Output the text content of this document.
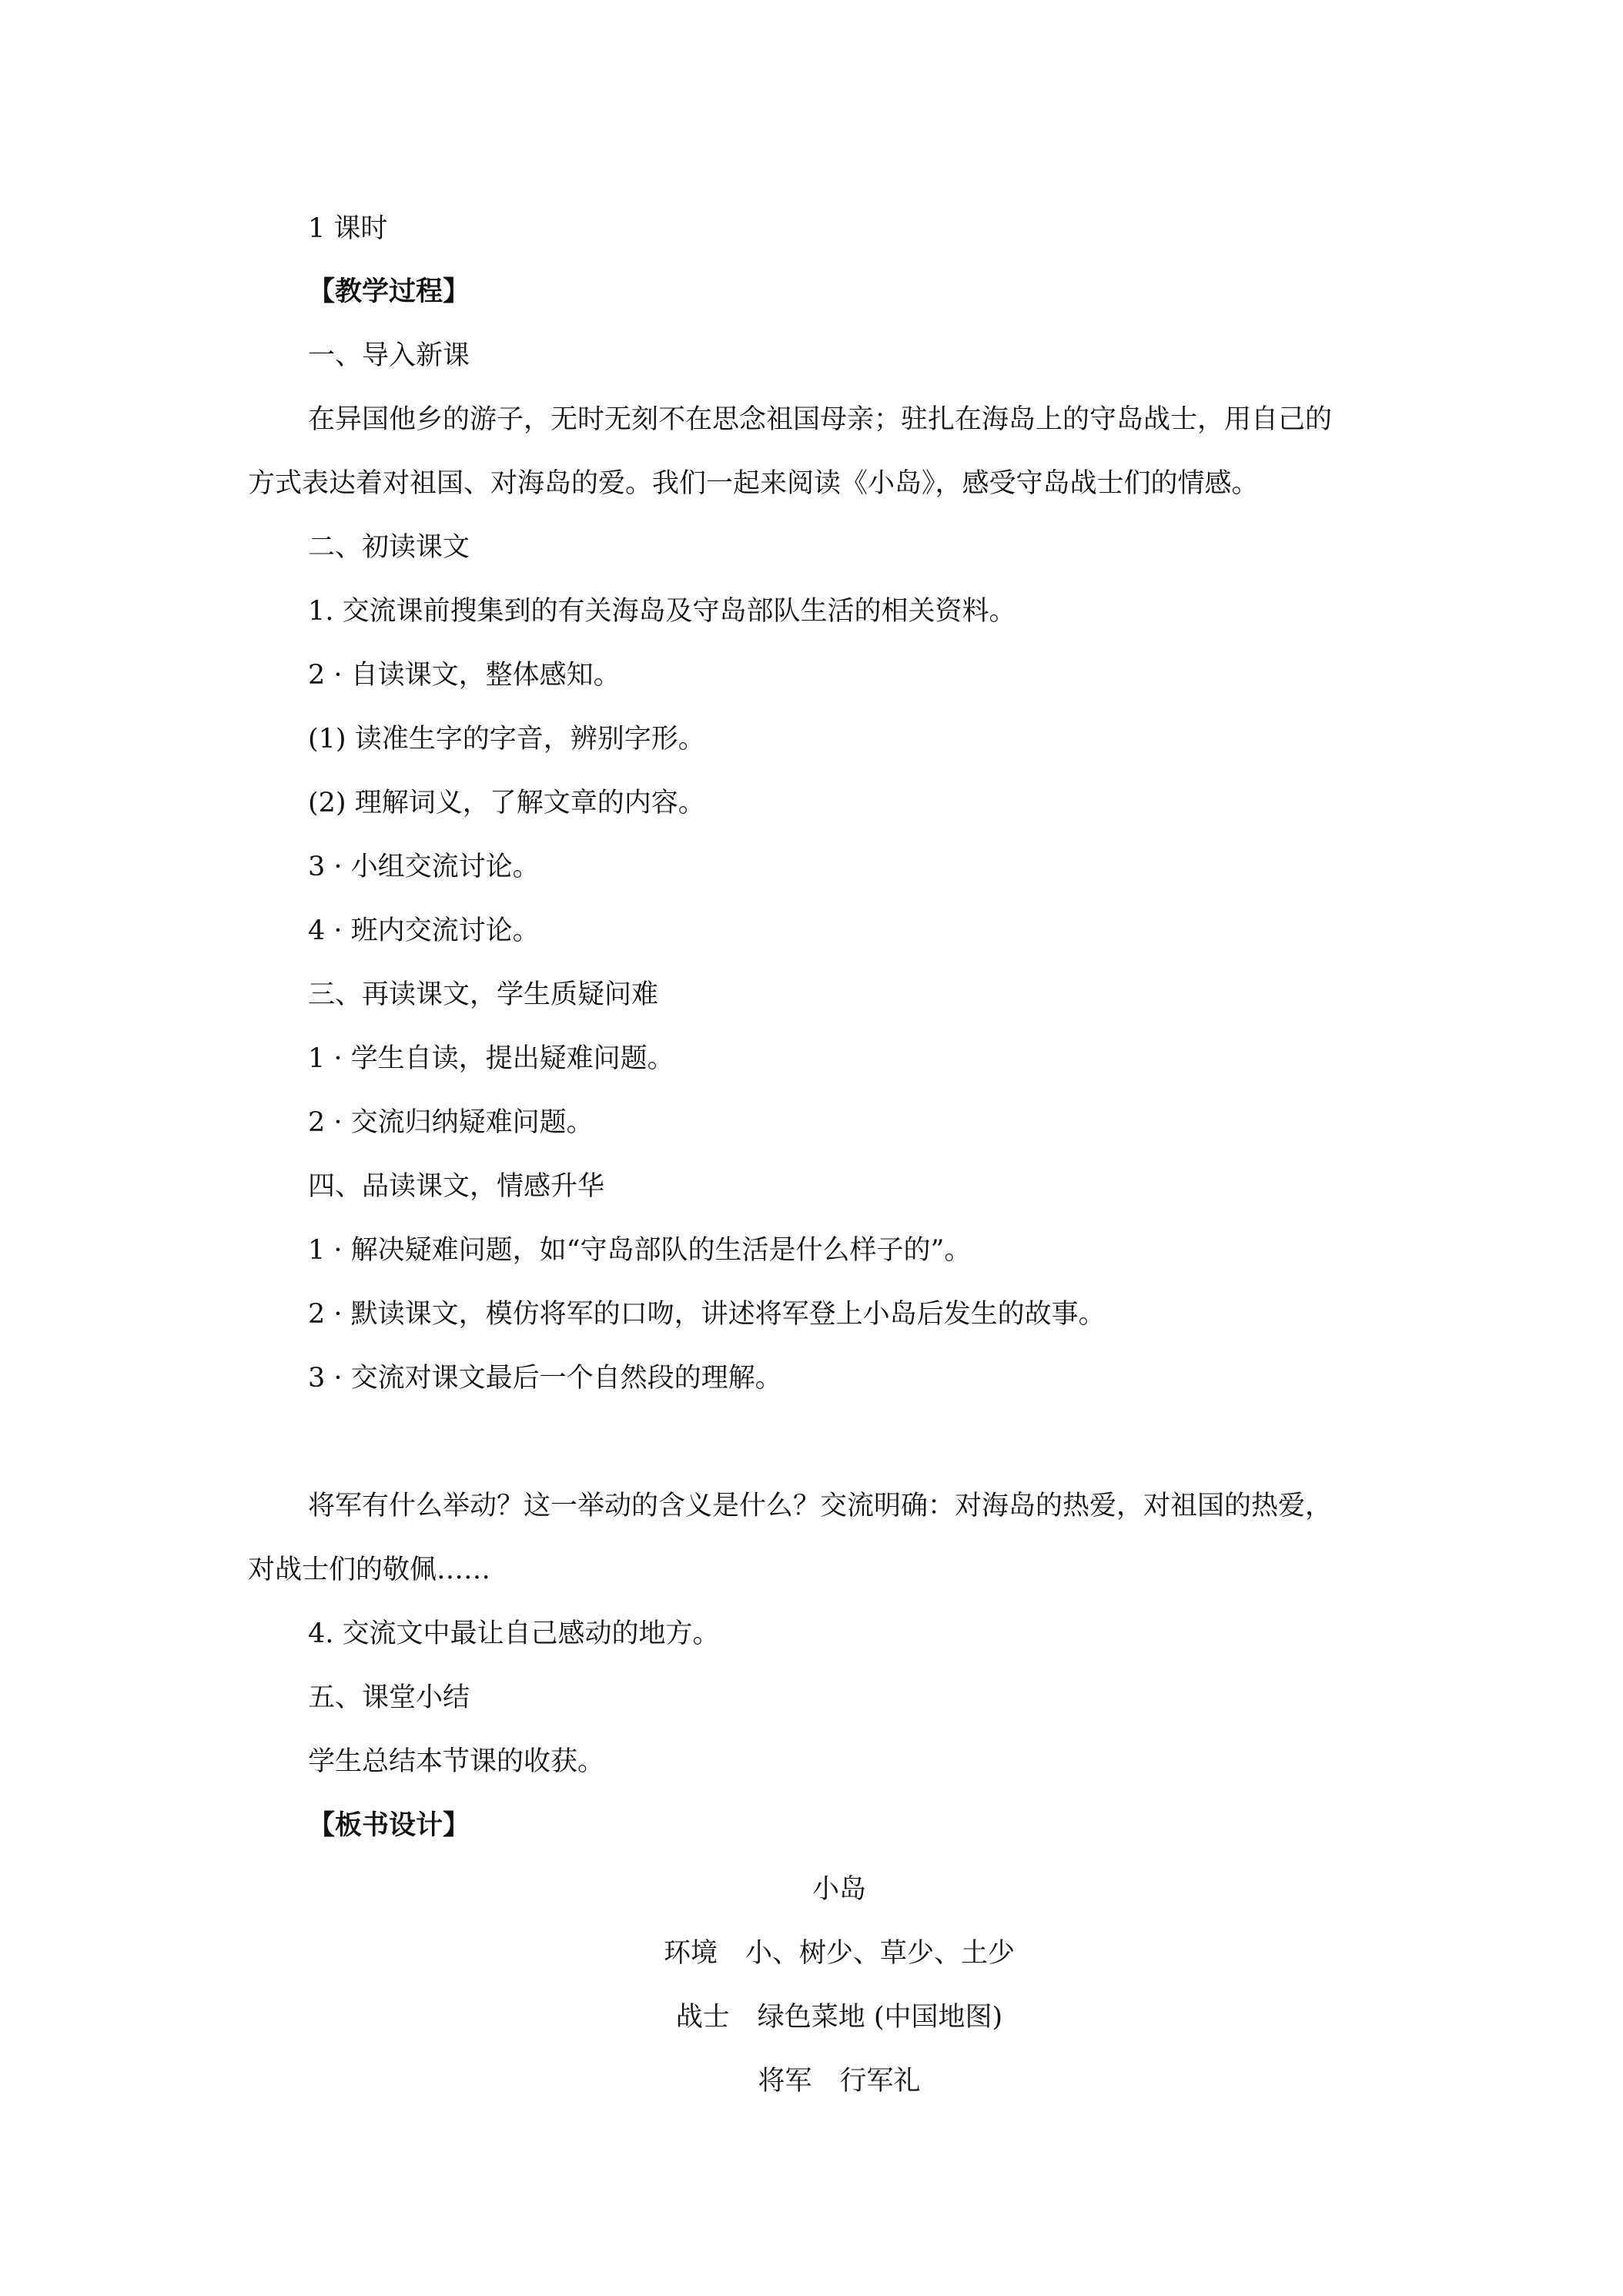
1 课时
【教学过程】
一、导入新课
在异国他乡的游子，无时无刻不在思念祖国母亲；驻扎在海岛上的守岛战士，用自己的
方式表达着对祖国、对海岛的爱。我们一起来阅读《小岛》，感受守岛战士们的情感。
二、初读课文
1. 交流课前搜集到的有关海岛及守岛部队生活的相关资料。
2 · 自读课文，整体感知。
(1) 读准生字的字音，辨别字形。
(2) 理解词义，了解文章的内容。
3 · 小组交流讨论。
4 · 班内交流讨论。
三、再读课文，学生质疑问难
1 · 学生自读，提出疑难问题。
2 · 交流归纳疑难问题。
四、品读课文，情感升华
1 · 解决疑难问题，如“守岛部队的生活是什么样子的”。
2 · 默读课文，模仿将军的口吻，讲述将军登上小岛后发生的故事。
3 · 交流对课文最后一个自然段的理解。
将军有什么举动？这一举动的含义是什么？交流明确：对海岛的热爱，对祖国的热爱，
对战士们的敬佩……
4. 交流文中最让自己感动的地方。
五、课堂小结
学生总结本节课的收获。
【板书设计】
小岛
环境 小、树少、草少、土少
战士 绿色菜地 (中国地图)
将军 行军礼
